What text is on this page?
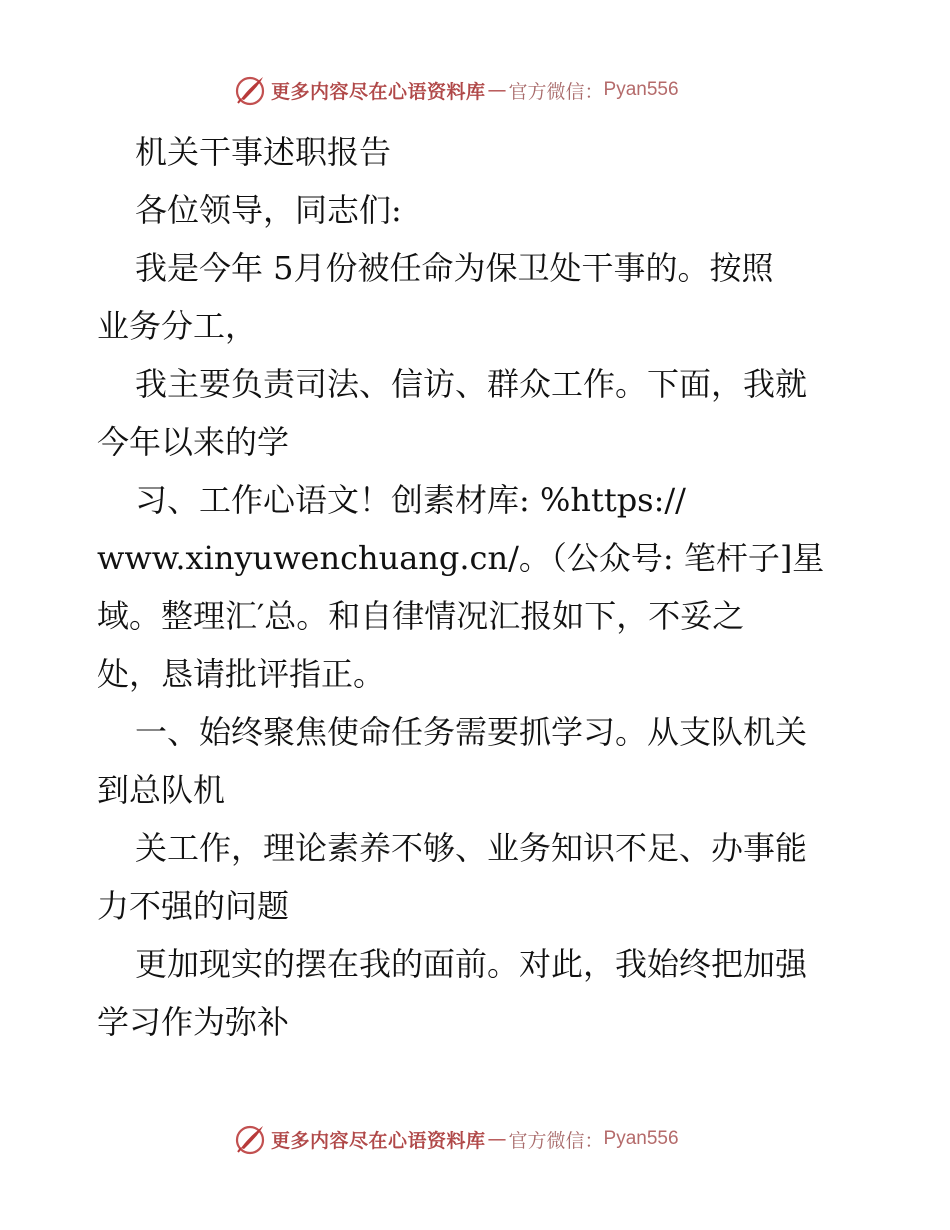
更多内容尽在心语资料库 — 官方微信： Pyan556
机关干事述职报告
各位领导，同志们:
我是今年 5月份被任命为保卫处干事的。按照
业务分工，
我主要负责司法、信访、群众工作。下面，我就
今年以来的学
习、工作心语文！创素材库: %https://
www.xinyuwenchuang.cn/。（公众号: 笔杆子]星
域。整理汇′总。和自律情况汇报如下，不妥之
处，恳请批评指正。
一、始终聚焦使命任务需要抓学习。从支队机关
到总队机
关工作，理论素养不够、业务知识不足、办事能
力不强的问题
更加现实的摆在我的面前。对此，我始终把加强
学习作为弥补
更多内容尽在心语资料库 — 官方微信： Pyan556
